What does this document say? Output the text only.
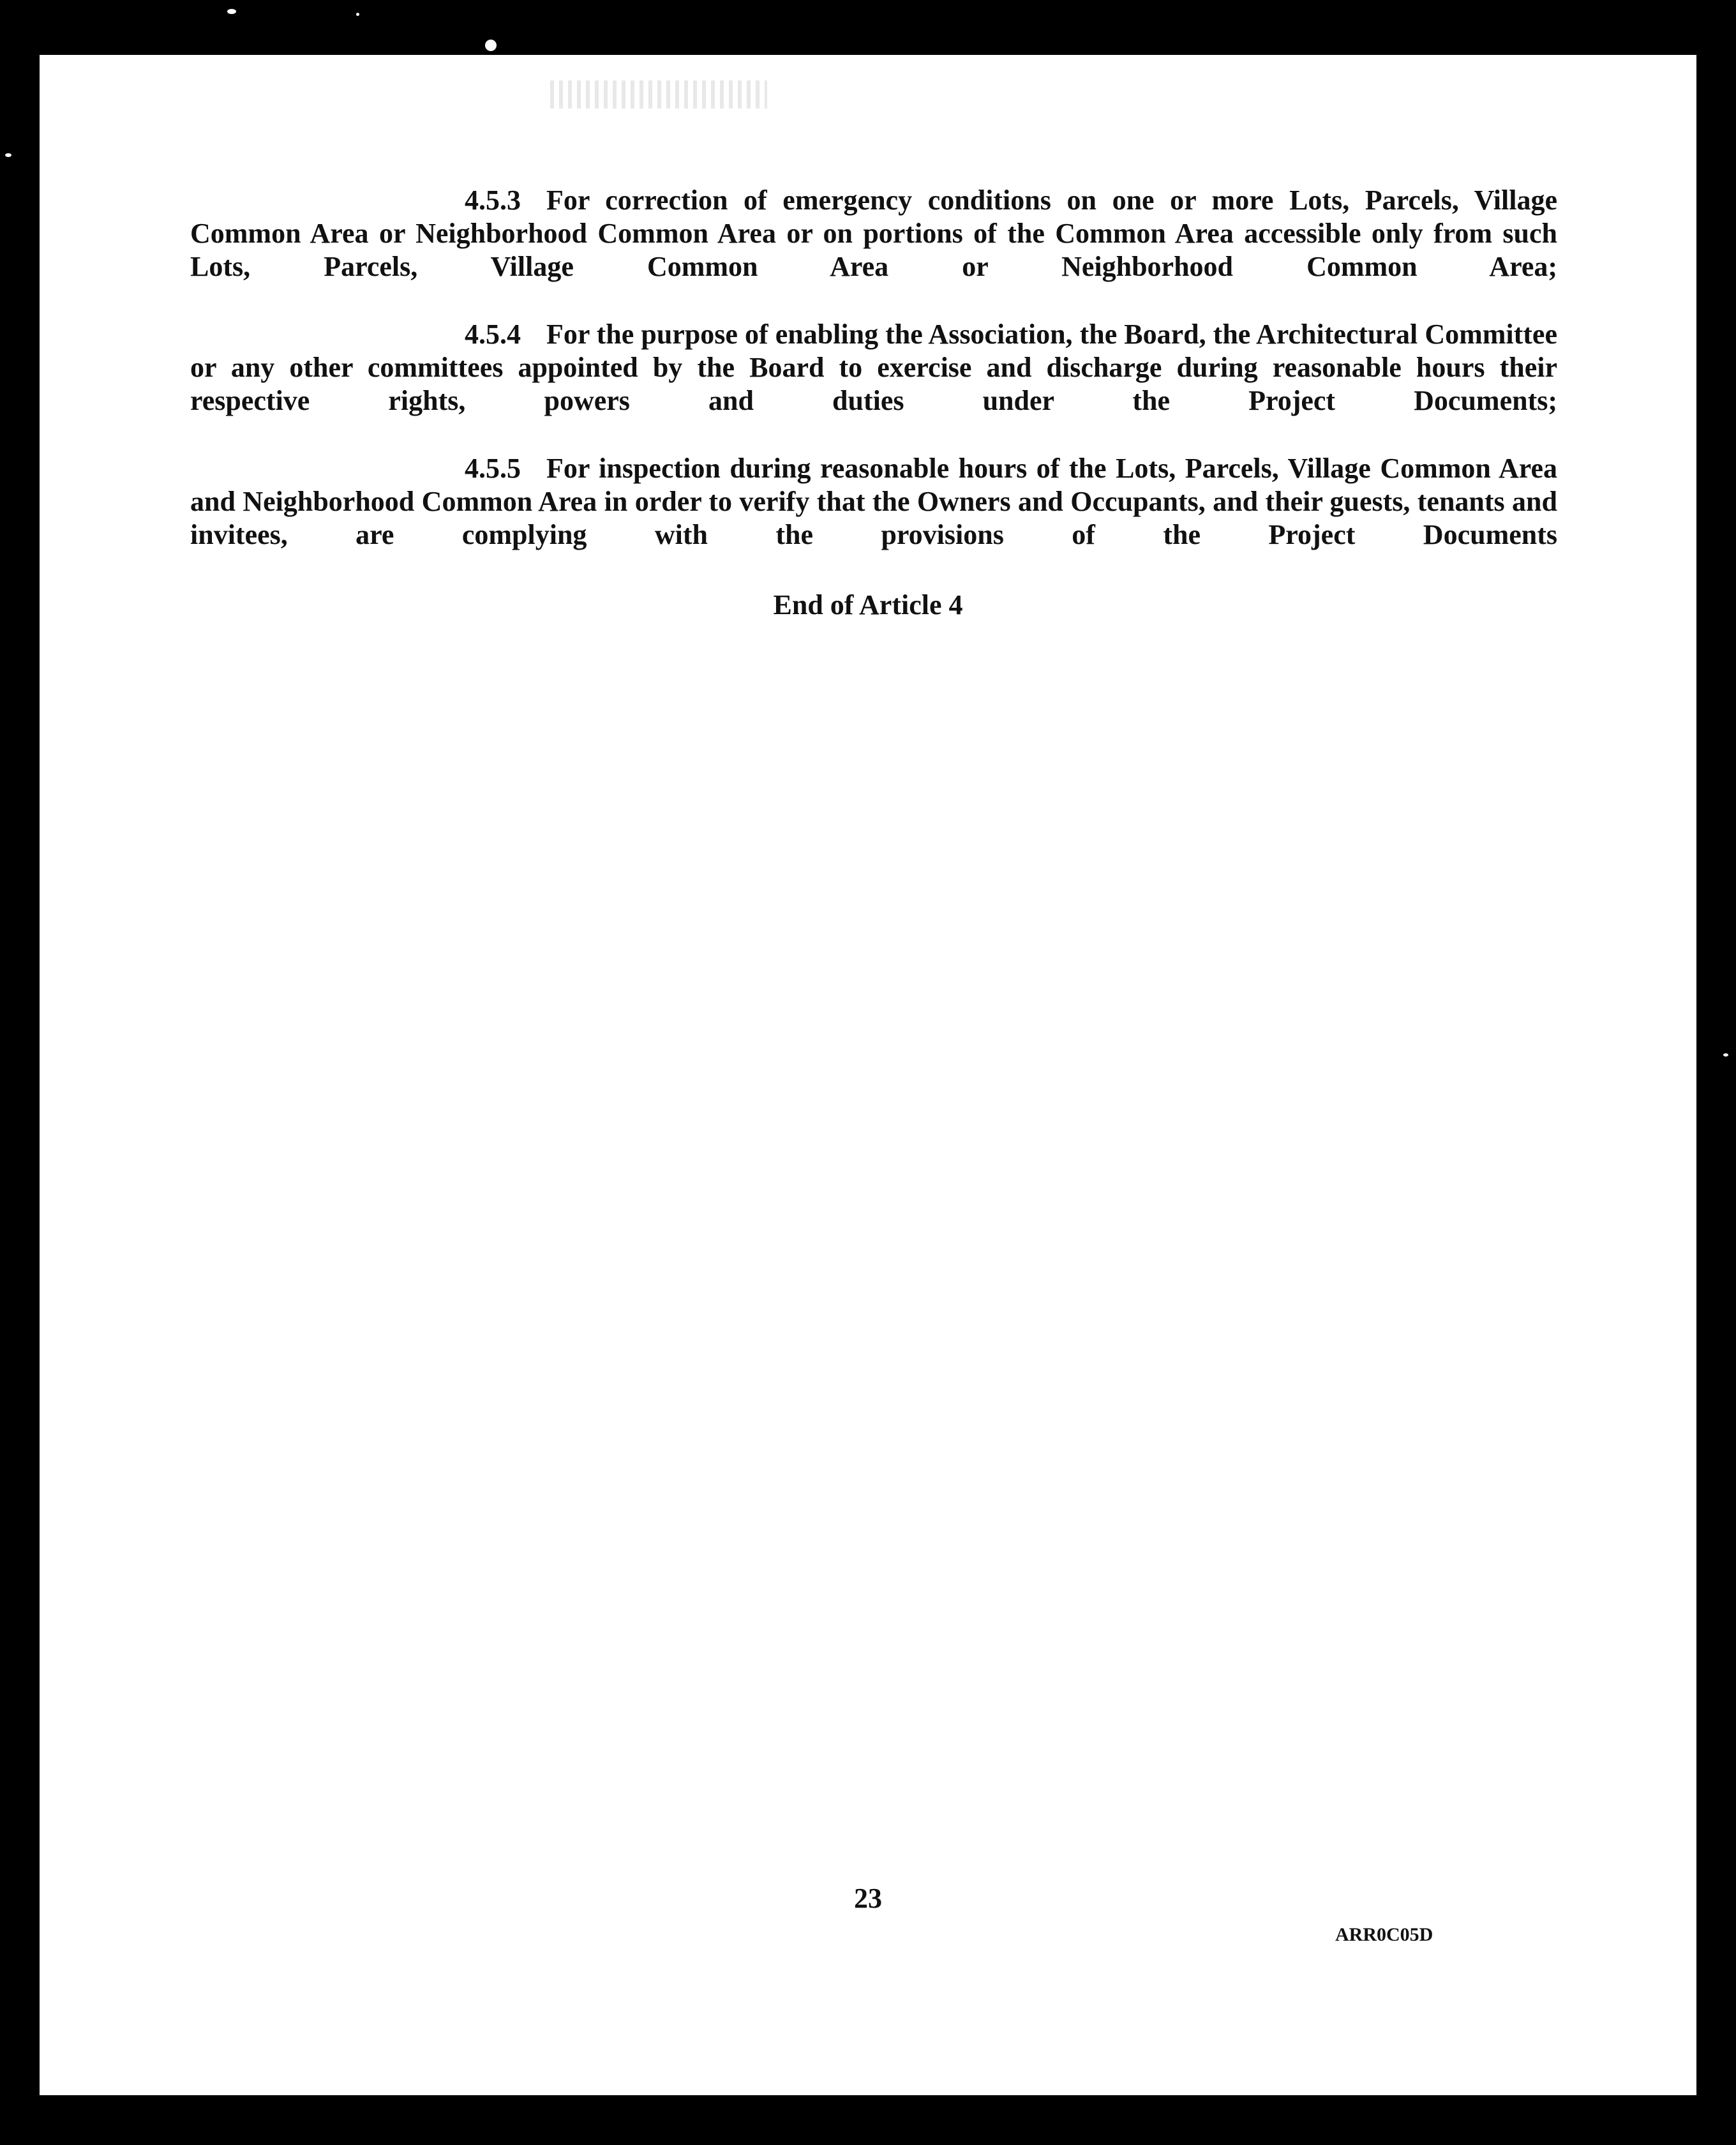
4.5.3 For correction of emergency conditions on one or more Lots, Parcels, Village Common Area or Neighborhood Common Area or on portions of the Common Area accessible only from such Lots, Parcels, Village Common Area or Neighborhood Common Area;

4.5.4 For the purpose of enabling the Association, the Board, the Architectural Committee or any other committees appointed by the Board to exercise and discharge during reasonable hours their respective rights, powers and duties under the Project Documents;

4.5.5 For inspection during reasonable hours of the Lots, Parcels, Village Common Area and Neighborhood Common Area in order to verify that the Owners and Occupants, and their guests, tenants and invitees, are complying with the provisions of the Project Documents

End of Article 4
23
ARR0C05D
